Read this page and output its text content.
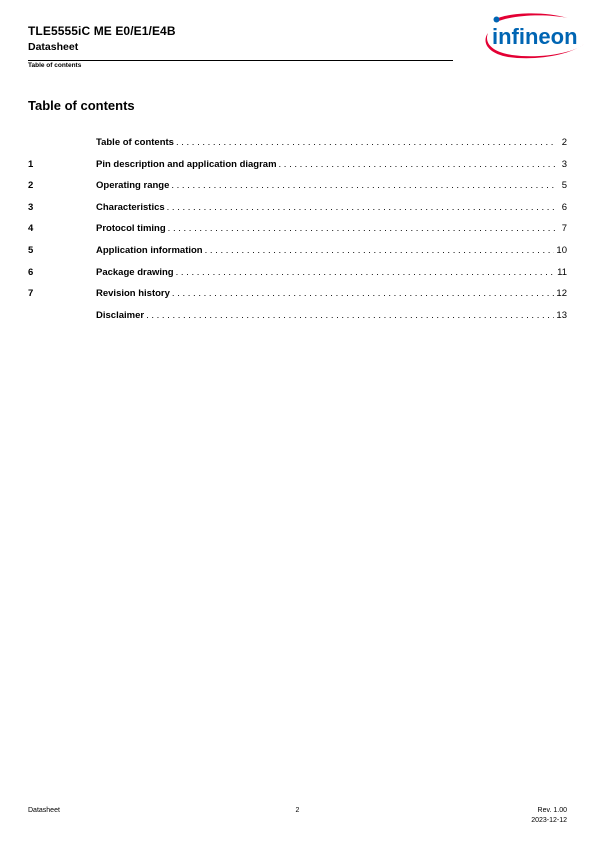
TLE5555iC ME E0/E1/E4B
Datasheet
Table of contents
infineon
Table of contents
Table of contents . . .	2
1	Pin description and application diagram . . .	3
2	Operating range . . .	5
3	Characteristics . . .	6
4	Protocol timing . . .	7
5	Application information . . .	10
6	Package drawing . . .	11
7	Revision history . . .	12
Disclaimer . . .	13
Datasheet	2	Rev. 1.00
2023-12-12
